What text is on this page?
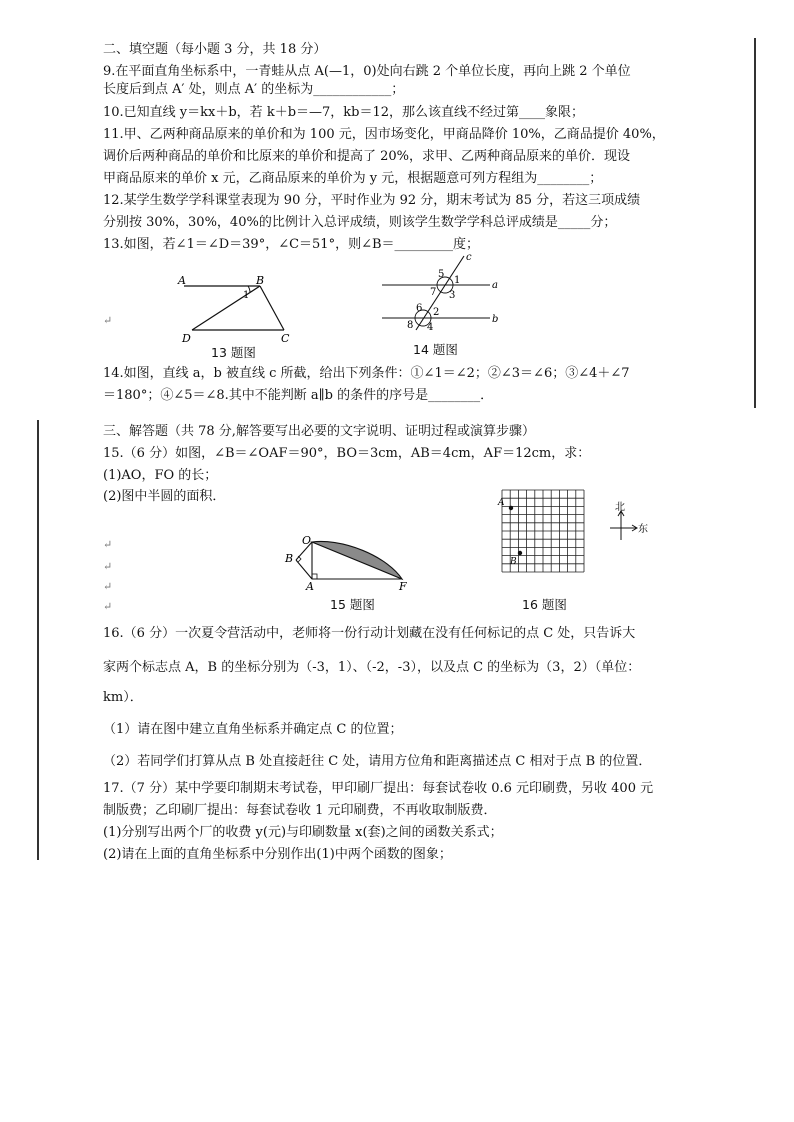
二、填空题（每小题 3 分，共 18 分）
9.在平面直角坐标系中，一青蛙从点 A(—1，0)处向右跳 2 个单位长度，再向上跳 2 个单位
长度后到点 A′ 处，则点 A′ 的坐标为____________；
10.已知直线 y＝kx＋b，若 k＋b＝—7，kb＝12，那么该直线不经过第____象限；
11.甲、乙两种商品原来的单价和为 100 元，因市场变化，甲商品降价 10%，乙商品提价 40%，
调价后两种商品的单价和比原来的单价和提高了 20%，求甲、乙两种商品原来的单价．现设
甲商品原来的单价 x 元，乙商品原来的单价为 y 元，根据题意可列方程组为________；
12.某学生数学学科课堂表现为 90 分，平时作业为 92 分，期末考试为 85 分，若这三项成绩
分别按 30%，30%，40%的比例计入总评成绩，则该学生数学学科总评成绩是_____分；
13.如图，若∠1＝∠D＝39°，∠C＝51°，则∠B＝_________度；
A	B
D	C
1
c
a
b
5
1
7 3
6 2
8 4
↵
13 题图	14 题图
14.如图，直线 a，b 被直线 c 所截，给出下列条件：①∠1＝∠2；②∠3＝∠6；③∠4＋∠7
＝180°；④∠5＝∠8.其中不能判断 a∥b 的条件的序号是________．
三、解答题（共 78 分,解答要写出必要的文字说明、证明过程或演算步骤）
15.（6 分）如图，∠B＝∠OAF＝90°，BO＝3cm，AB＝4cm，AF＝12cm，求：
(1)AO，FO 的长；
(2)图中半圆的面积．
O
B
A	F
A
B
北
东
↵
↵
↵
↵	15 题图	16 题图
16.（6 分）一次夏令营活动中，老师将一份行动计划藏在没有任何标记的点 C 处，只告诉大
家两个标志点 A，B 的坐标分别为（-3，1）、（-2，-3），以及点 C 的坐标为（3，2）（单位：
km）．
（1）请在图中建立直角坐标系并确定点 C 的位置；
（2）若同学们打算从点 B 处直接赶往 C 处，请用方位角和距离描述点 C 相对于点 B 的位置．
17.（7 分）某中学要印制期末考试卷，甲印刷厂提出：每套试卷收 0.6 元印刷费，另收 400 元
制版费；乙印刷厂提出：每套试卷收 1 元印刷费，不再收取制版费．
(1)分别写出两个厂的收费 y(元)与印刷数量 x(套)之间的函数关系式；
(2)请在上面的直角坐标系中分别作出(1)中两个函数的图象；
